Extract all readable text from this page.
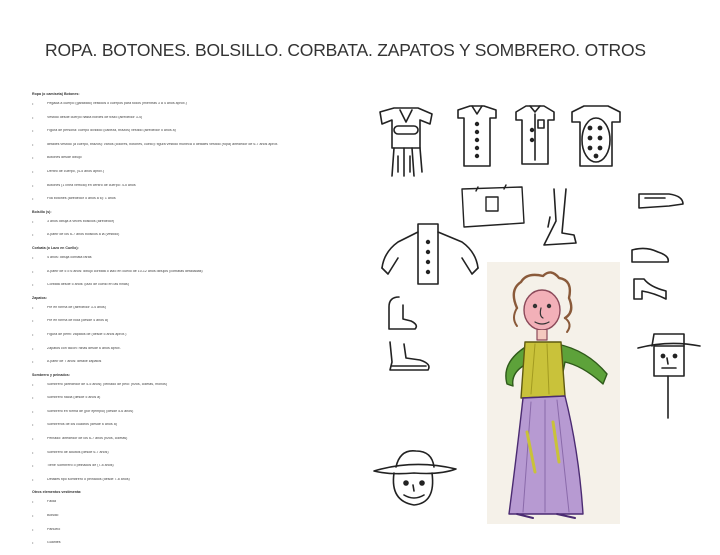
ROPA. BOTONES. BOLSILLO. CORBATA. ZAPATOS Y SOMBRERO. OTROS
Ropa (o camiseta) Botones:
• Pegada a cuerpo (garabato) vestidos o cuerpos para todos (mientras 3 a 4 años aprox.)
• Vestido desde cuerpo hasta bordes de trazo (alrededor 3-4)
• Figura de persona: cuerpo dividido (cabeza, brazos) vestido (alrededor 5 años a)
• detalles vestido (a cuerpo, brazos): varios (colores, botones, cuello): figura vestido muñeca o detalles vestido (ropa) alrededor de 6-7 años aprox.
• Botones desde dibujo
• Dentro de cuerpo, (4-5 años aprox.)
• Botones (1 línea vertical) en centro de cuerpo: 4-5 años
• Fila botones (alrededor 5 años a 6): 1 años
Bolsillo (s):
• 3 años dibuja a veces bolsillos (alrededor)
• A partir de los 6-7 años bolsillos a la (vestido)
Corbata (o Lazo en Cuello):
• 4 años: dibuja corbata raras
• A partir de 5 o 6 años: dibujo corbata o lazo en cuello de 10-12 años dibujos (corbatas detalladas)
• Corbata desde 5 años: (lazo de cuello en las niñas)
Zapatos:
• Pie en forma de (alrededor 3-4 años)
• Pie en forma de bola (desde 4 años a)
• Figura de perfil: zapatos de (desde 5 años aprox.)
• Zapatos con tacón: niñas desde 6 años aprox.
• A partir de 7 años: detalle zapatos
Sombrero y peinados:
• Sombrero (alrededor de 4-5 años); peinado de pelo: (rizos, coletas, moños)
• Sombrero hacia (desde 5 años a)
• Sombrero en forma de (por ejemplo) (desde 5-6 años)
• Sombreros de los cuadros (desde 6 años a)
• Peinado: alrededor de los 6-7 años (rizos, coletas)
• Sombrero de adultos (desde 6-7 años)
• Tiene Sombrero o peinados de (7-8 años)
• Detalles tipo sombrero o peinados (desde 7-8 años)
Otros elementos vestimenta:
• Falda
• Bolsillo
• Pañuelo
• Guantes
